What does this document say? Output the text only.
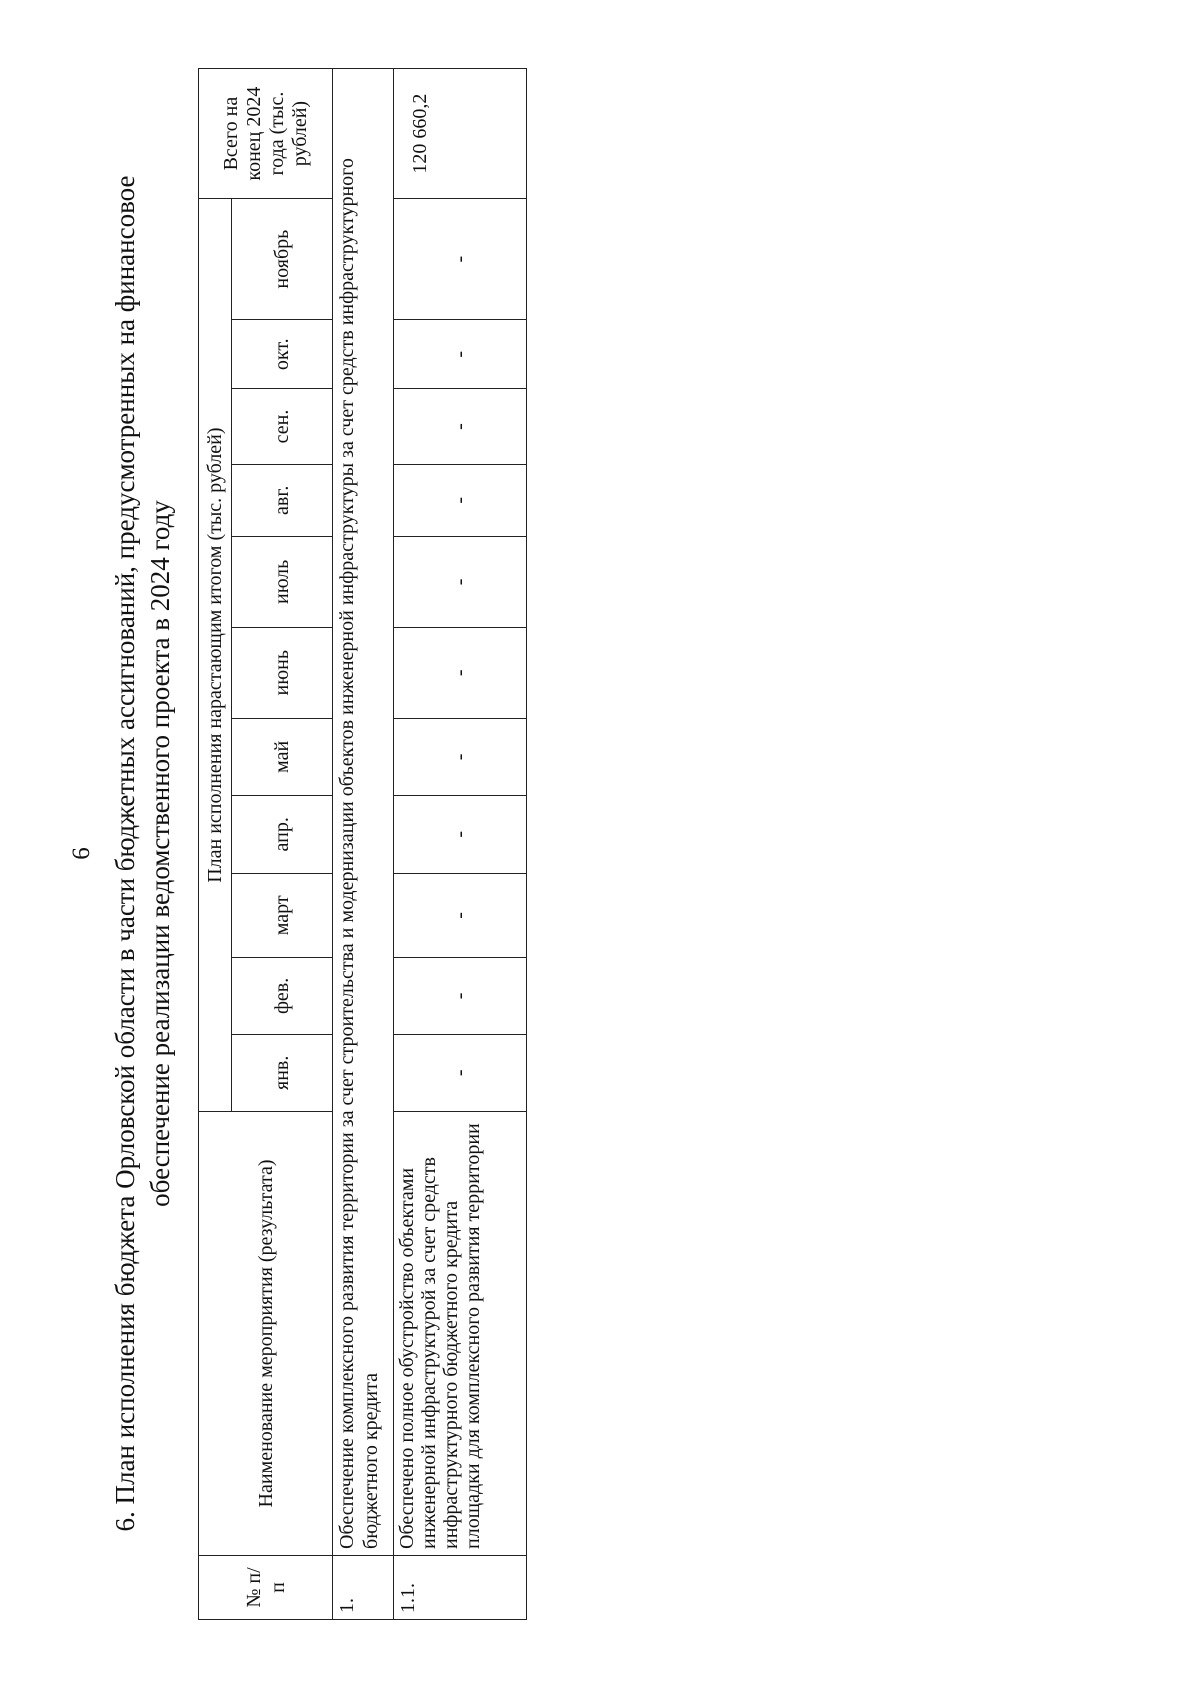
6 6. План исполнения бюджета Орловской области в части бюджетных ассигнований, предусмотренных на финансовое обеспечение реализации ведомственного проекта в 2024 году
№ п/п	Наименование мероприятия (результата)	План исполнения нарастающим итогом (тыс. рублей)											Всего на конец 2024 года (тыс. рублей)
		янв.	фев.	март	апр.	май	июнь	июль	авг.	сен.	окт.	ноябрь	
1.	Обеспечение комплексного развития территории за счет строительства и модернизации объектов инженерной инфраструктуры за счет средств инфраструктурного бюджетного кредита												
1.1.	Обеспечено полное обустройство объектами инженерной инфраструктурой за счет средств инфраструктурного бюджетного кредита площадки для комплексного развития территории	-	-	-	-	-	-	-	-	-	-	-	120 660,2
